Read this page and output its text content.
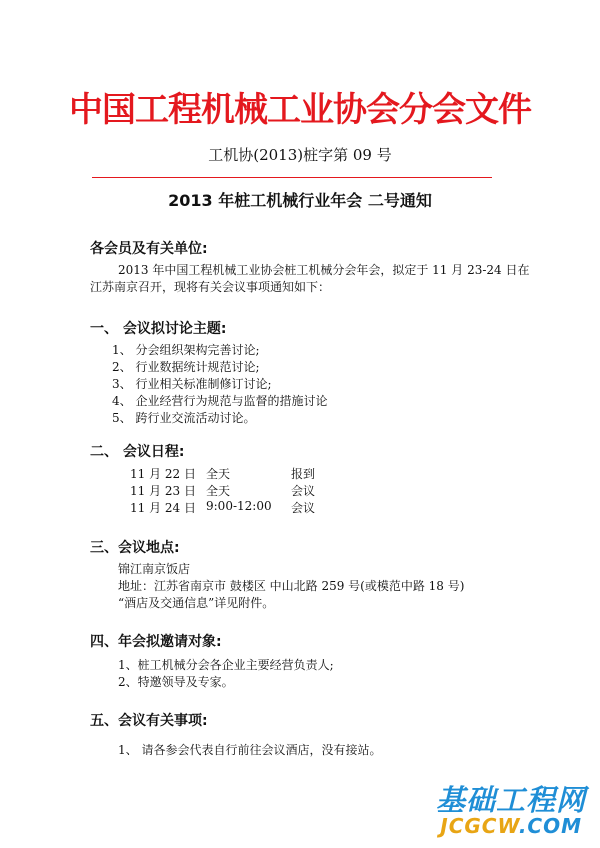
中国工程机械工业协会分会文件
工机协(2013)桩字第 09 号
2013 年桩工机械行业年会 二号通知
各会员及有关单位:
2013 年中国工程机械工业协会桩工机械分会年会，拟定于 11 月 23-24 日在
江苏南京召开，现将有关会议事项通知如下：
一、 会议拟讨论主题:
1、 分会组织架构完善讨论;
2、 行业数据统计规范讨论;
3、 行业相关标准制修订讨论;
4、 企业经营行为规范与监督的措施讨论
5、 跨行业交流活动讨论。
二、 会议日程:
11 月 22 日 全天	报到
11 月 23 日 全天	会议
11 月 24 日 9:00-12:00 会议
三、会议地点:
锦江南京饭店
地址：江苏省南京市 鼓楼区 中山北路 259 号(或模范中路 18 号)
“酒店及交通信息”详见附件。
四、年会拟邀请对象:
1、桩工机械分会各企业主要经营负责人;
2、特邀领导及专家。
五、会议有关事项:
1、 请各参会代表自行前往会议酒店，没有接站。
基础工程网
JCGCW.COM
